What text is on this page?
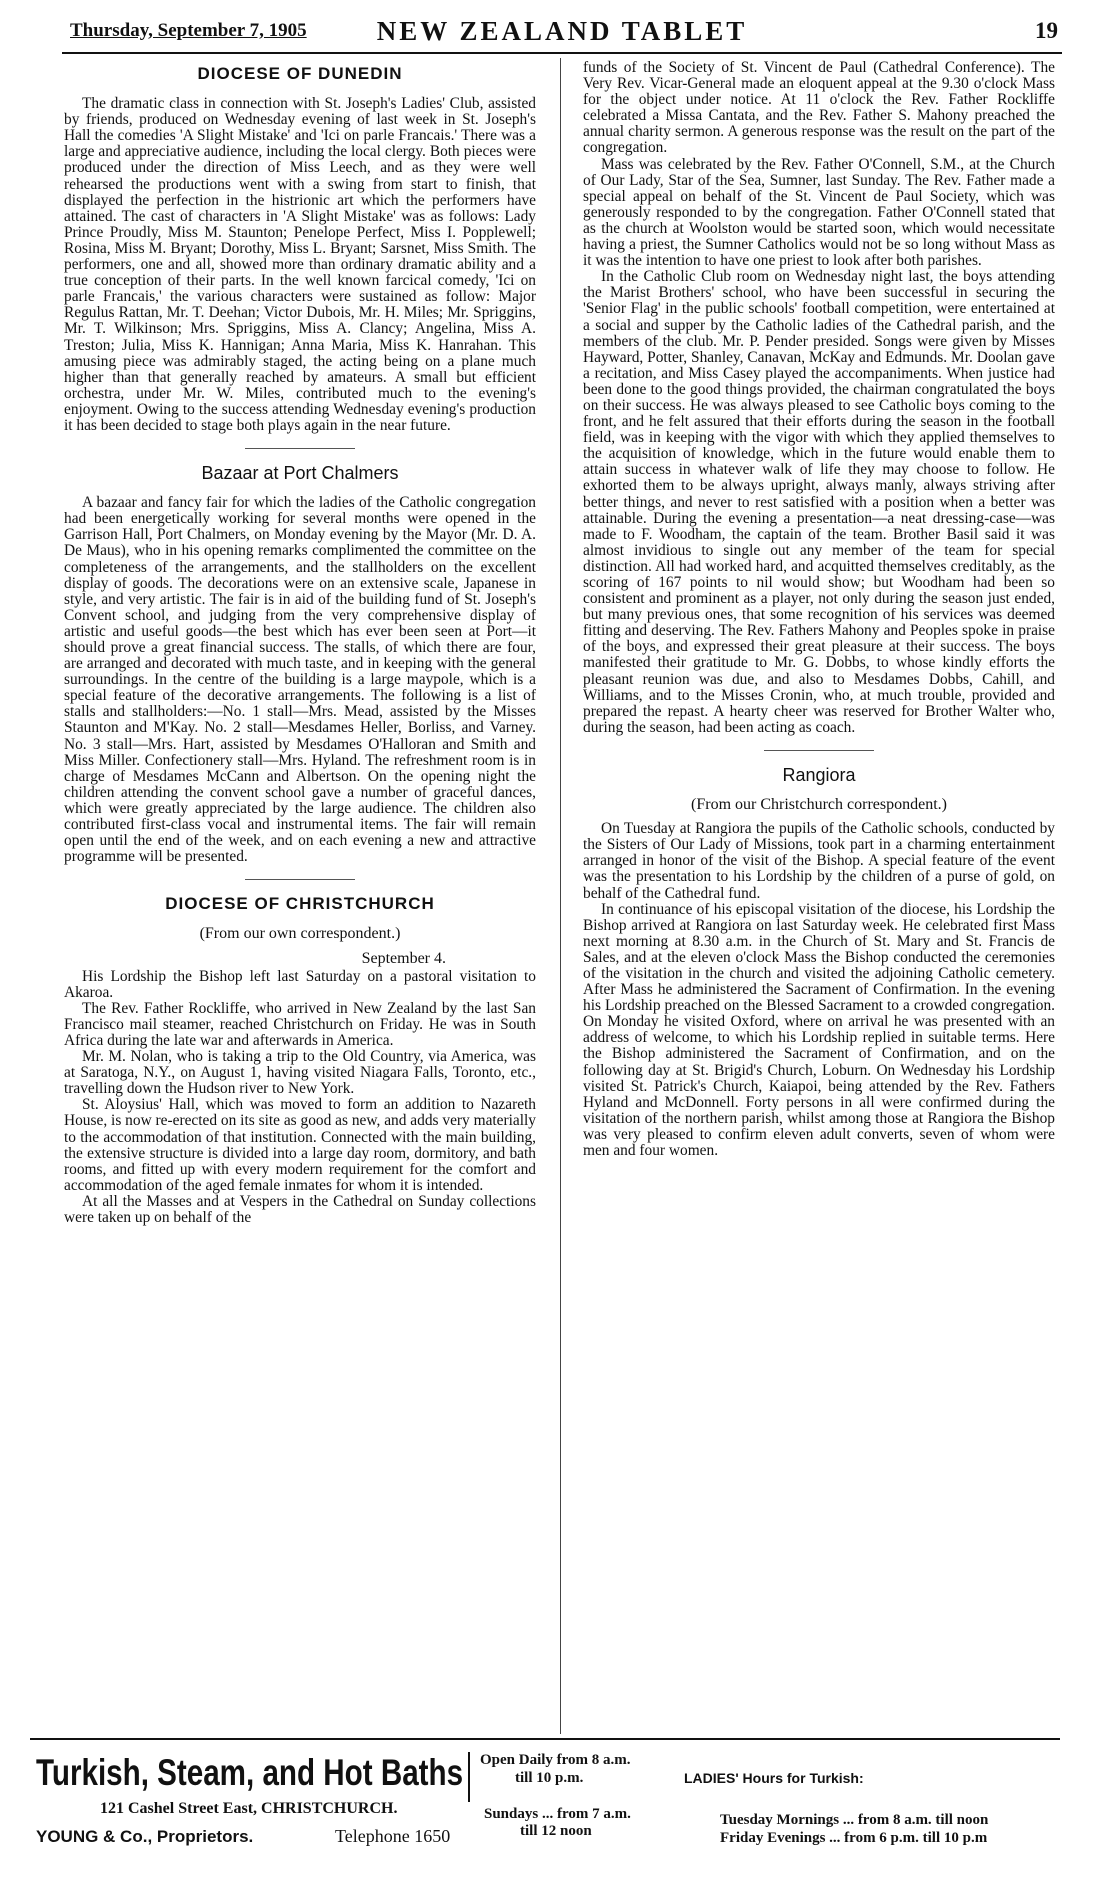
Thursday, September 7, 1905	NEW ZEALAND TABLET	19
DIOCESE OF DUNEDIN

The dramatic class in connection with St. Joseph's Ladies' Club, assisted by friends, produced on Wednesday evening of last week in St. Joseph's Hall the comedies 'A Slight Mistake' and 'Ici on parle Francais.' There was a large and appreciative audience, including the local clergy. Both pieces were produced under the direction of Miss Leech, and as they were well rehearsed the productions went with a swing from start to finish, that displayed the perfection in the histrionic art which the performers have attained. The cast of characters in 'A Slight Mistake' was as follows: Lady Prince Proudly, Miss M. Staunton; Penelope Perfect, Miss I. Popplewell; Rosina, Miss M. Bryant; Dorothy, Miss L. Bryant; Sarsnet, Miss Smith. The performers, one and all, showed more than ordinary dramatic ability and a true conception of their parts. In the well known farcical comedy, 'Ici on parle Francais,' the various characters were sustained as follow: Major Regulus Rattan, Mr. T. Deehan; Victor Dubois, Mr. H. Miles; Mr. Spriggins, Mr. T. Wilkinson; Mrs. Spriggins, Miss A. Clancy; Angelina, Miss A. Treston; Julia, Miss K. Hannigan; Anna Maria, Miss K. Hanrahan. This amusing piece was admirably staged, the acting being on a plane much higher than that generally reached by amateurs. A small but efficient orchestra, under Mr. W. Miles, contributed much to the evening's enjoyment. Owing to the success attending Wednesday evening's production it has been decided to stage both plays again in the near future.

Bazaar at Port Chalmers

A bazaar and fancy fair for which the ladies of the Catholic congregation had been energetically working for several months were opened in the Garrison Hall, Port Chalmers, on Monday evening by the Mayor (Mr. D. A. De Maus), who in his opening remarks complimented the committee on the completeness of the arrangements, and the stallholders on the excellent display of goods. The decorations were on an extensive scale, Japanese in style, and very artistic. The fair is in aid of the building fund of St. Joseph's Convent school, and judging from the very comprehensive display of artistic and useful goods—the best which has ever been seen at Port—it should prove a great financial success. The stalls, of which there are four, are arranged and decorated with much taste, and in keeping with the general surroundings. In the centre of the building is a large maypole, which is a special feature of the decorative arrangements. The following is a list of stalls and stallholders:—No. 1 stall—Mrs. Mead, assisted by the Misses Staunton and M'Kay. No. 2 stall—Mesdames Heller, Borliss, and Varney. No. 3 stall—Mrs. Hart, assisted by Mesdames O'Halloran and Smith and Miss Miller. Confectionery stall—Mrs. Hyland. The refreshment room is in charge of Mesdames McCann and Albertson. On the opening night the children attending the convent school gave a number of graceful dances, which were greatly appreciated by the large audience. The children also contributed first-class vocal and instrumental items. The fair will remain open until the end of the week, and on each evening a new and attractive programme will be presented.

DIOCESE OF CHRISTCHURCH
(From our own correspondent.)
September 4.

His Lordship the Bishop left last Saturday on a pastoral visitation to Akaroa.

The Rev. Father Rockliffe, who arrived in New Zealand by the last San Francisco mail steamer, reached Christchurch on Friday. He was in South Africa during the late war and afterwards in America.

Mr. M. Nolan, who is taking a trip to the Old Country, via America, was at Saratoga, N.Y., on August 1, having visited Niagara Falls, Toronto, etc., travelling down the Hudson river to New York.

St. Aloysius' Hall, which was moved to form an addition to Nazareth House, is now re-erected on its site as good as new, and adds very materially to the accommodation of that institution. Connected with the main building, the extensive structure is divided into a large day room, dormitory, and bath rooms, and fitted up with every modern requirement for the comfort and accommodation of the aged female inmates for whom it is intended.

At all the Masses and at Vespers in the Cathedral on Sunday collections were taken up on behalf of the

funds of the Society of St. Vincent de Paul (Cathedral Conference). The Very Rev. Vicar-General made an eloquent appeal at the 9.30 o'clock Mass for the object under notice. At 11 o'clock the Rev. Father Rockliffe celebrated a Missa Cantata, and the Rev. Father S. Mahony preached the annual charity sermon. A generous response was the result on the part of the congregation.

Mass was celebrated by the Rev. Father O'Connell, S.M., at the Church of Our Lady, Star of the Sea, Sumner, last Sunday. The Rev. Father made a special appeal on behalf of the St. Vincent de Paul Society, which was generously responded to by the congregation. Father O'Connell stated that as the church at Woolston would be started soon, which would necessitate having a priest, the Sumner Catholics would not be so long without Mass as it was the intention to have one priest to look after both parishes.

In the Catholic Club room on Wednesday night last, the boys attending the Marist Brothers' school, who have been successful in securing the 'Senior Flag' in the public schools' football competition, were entertained at a social and supper by the Catholic ladies of the Cathedral parish, and the members of the club. Mr. P. Pender presided. Songs were given by Misses Hayward, Potter, Shanley, Canavan, McKay and Edmunds. Mr. Doolan gave a recitation, and Miss Casey played the accompaniments. When justice had been done to the good things provided, the chairman congratulated the boys on their success. He was always pleased to see Catholic boys coming to the front, and he felt assured that their efforts during the season in the football field, was in keeping with the vigor with which they applied themselves to the acquisition of knowledge, which in the future would enable them to attain success in whatever walk of life they may choose to follow. He exhorted them to be always upright, always manly, always striving after better things, and never to rest satisfied with a position when a better was attainable. During the evening a presentation—a neat dressing-case—was made to F. Woodham, the captain of the team. Brother Basil said it was almost invidious to single out any member of the team for special distinction. All had worked hard, and acquitted themselves creditably, as the scoring of 167 points to nil would show; but Woodham had been so consistent and prominent as a player, not only during the season just ended, but many previous ones, that some recognition of his services was deemed fitting and deserving. The Rev. Fathers Mahony and Peoples spoke in praise of the boys, and expressed their great pleasure at their success. The boys manifested their gratitude to Mr. G. Dobbs, to whose kindly efforts the pleasant reunion was due, and also to Mesdames Dobbs, Cahill, and Williams, and to the Misses Cronin, who, at much trouble, provided and prepared the repast. A hearty cheer was reserved for Brother Walter who, during the season, had been acting as coach.

Rangiora
(From our Christchurch correspondent.)

On Tuesday at Rangiora the pupils of the Catholic schools, conducted by the Sisters of Our Lady of Missions, took part in a charming entertainment arranged in honor of the visit of the Bishop. A special feature of the event was the presentation to his Lordship by the children of a purse of gold, on behalf of the Cathedral fund.

In continuance of his episcopal visitation of the diocese, his Lordship the Bishop arrived at Rangiora on last Saturday week. He celebrated first Mass next morning at 8.30 a.m. in the Church of St. Mary and St. Francis de Sales, and at the eleven o'clock Mass the Bishop conducted the ceremonies of the visitation in the church and visited the adjoining Catholic cemetery. After Mass he administered the Sacrament of Confirmation. In the evening his Lordship preached on the Blessed Sacrament to a crowded congregation. On Monday he visited Oxford, where on arrival he was presented with an address of welcome, to which his Lordship replied in suitable terms. Here the Bishop administered the Sacrament of Confirmation, and on the following day at St. Brigid's Church, Loburn. On Wednesday his Lordship visited St. Patrick's Church, Kaiapoi, being attended by the Rev. Fathers Hyland and McDonnell. Forty persons in all were confirmed during the visitation of the northern parish, whilst among those at Rangiora the Bishop was very pleased to confirm eleven adult converts, seven of whom were men and four women.

Turkish, Steam, and Hot Baths
121 Cashel Street East, CHRISTCHURCH.
YOUNG & Co., Proprietors.	Telephone 1650
Open Daily from 8 a.m.
till 10 p.m.
Sundays ... from 7 a.m.
till 12 noon
LADIES' Hours for Turkish:
Tuesday Mornings ... from 8 a.m. till noon
Friday Evenings ... from 6 p.m. till 10 p.m
